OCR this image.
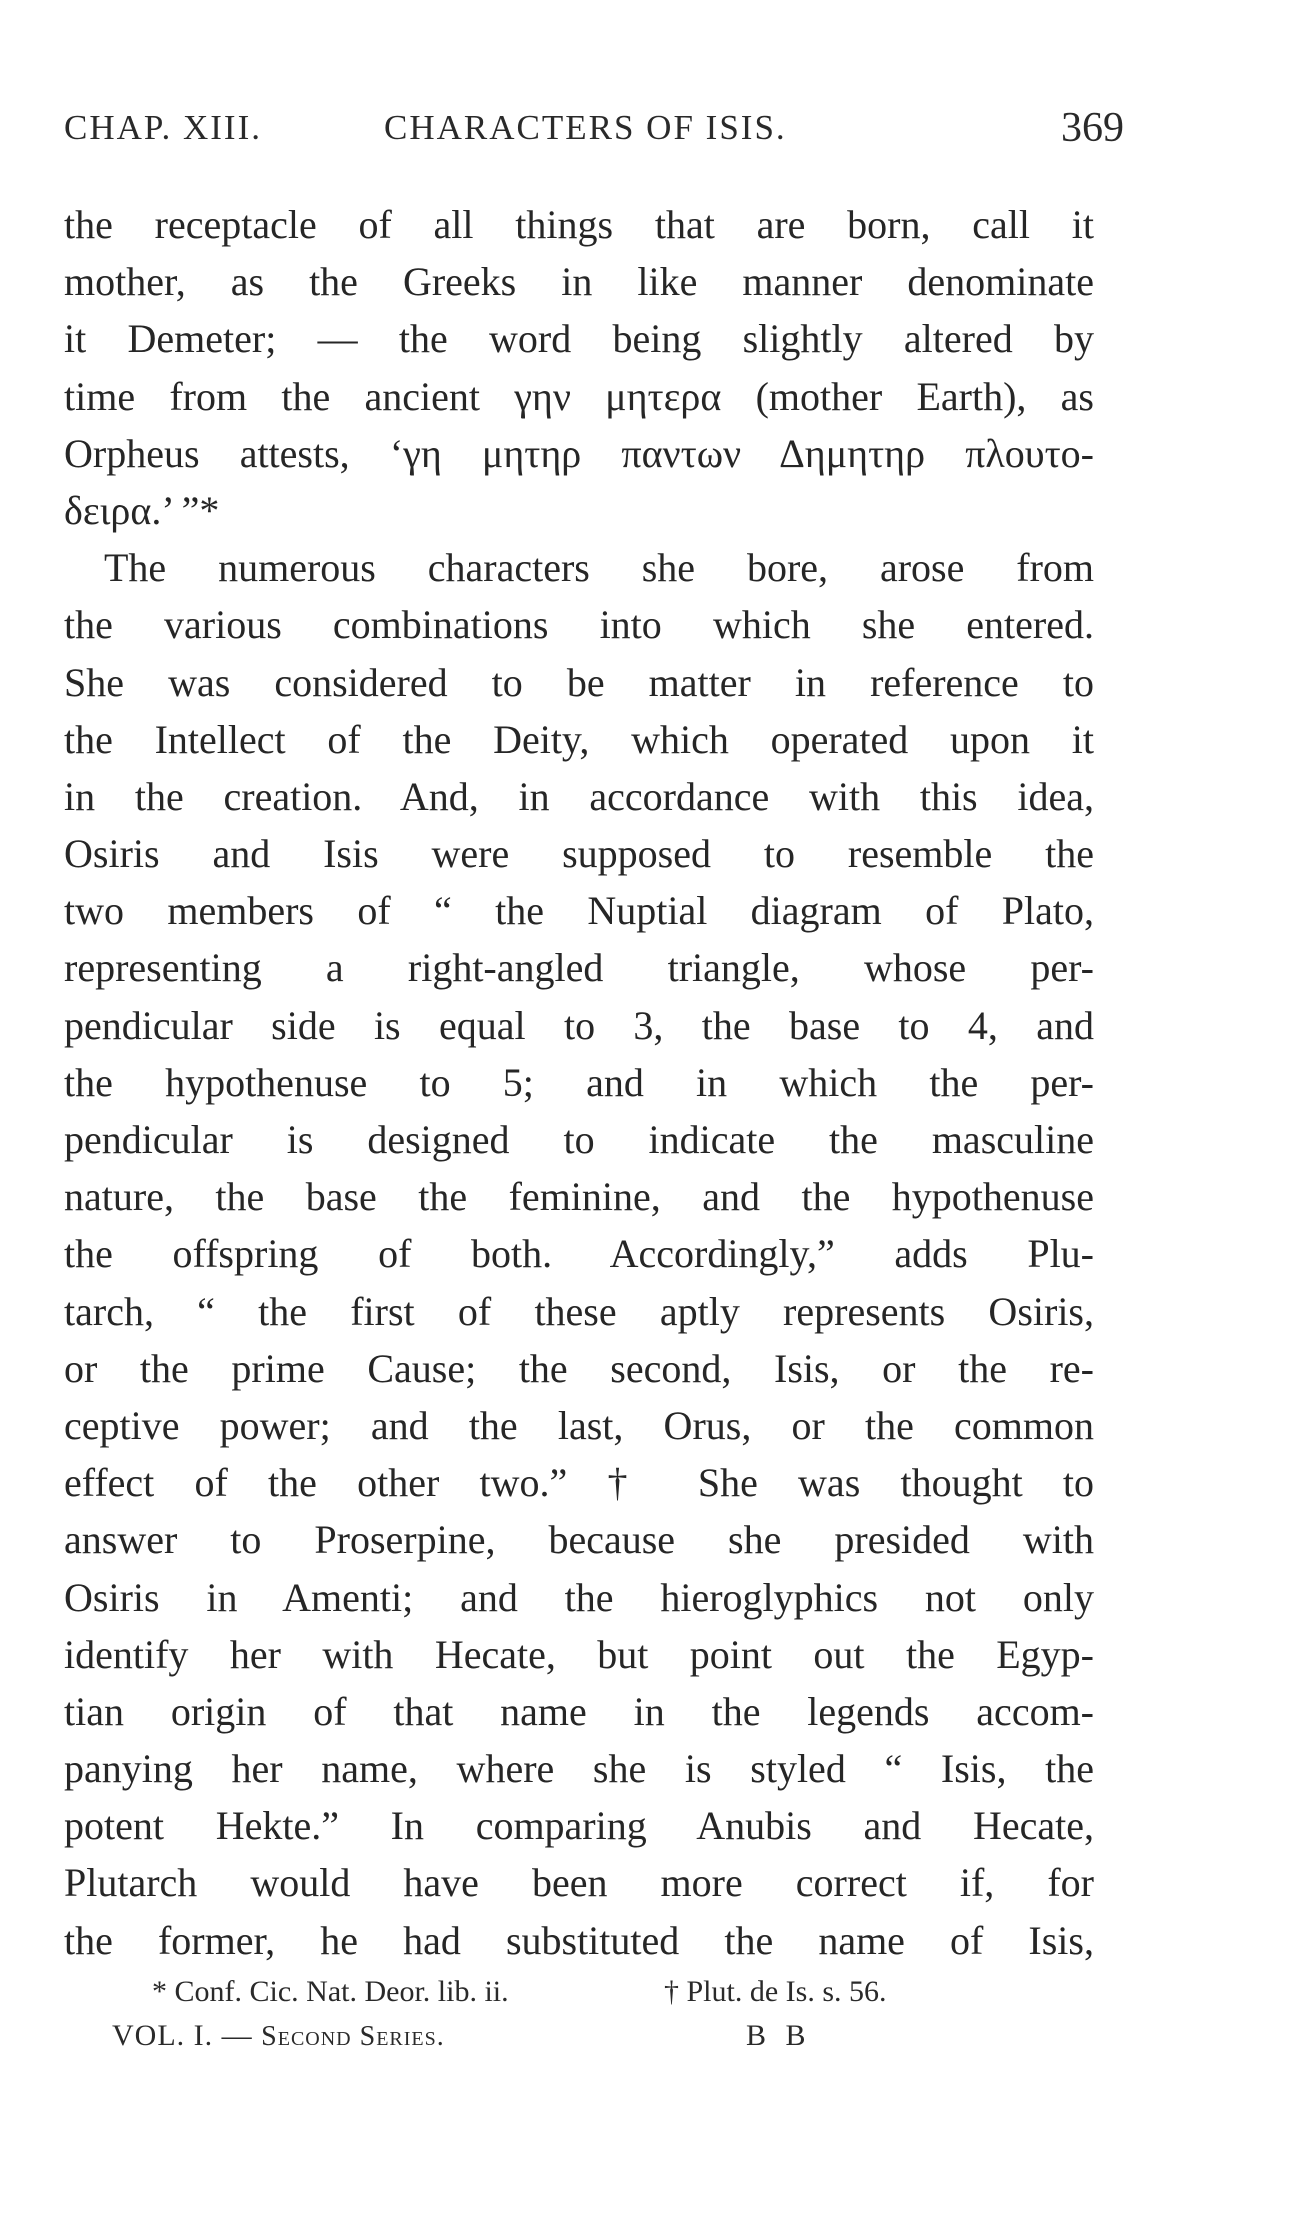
CHAP. XIII.	CHARACTERS OF ISIS.	369
the receptacle of all things that are born, call it
mother, as the Greeks in like manner denominate
it Demeter; — the word being slightly altered by
time from the ancient γην μητερα (mother Earth), as
Orpheus attests, ‘γη μητηρ παντων Δημητηρ πλουτο-
δειρα.’ ”*
The numerous characters she bore, arose from
the various combinations into which she entered.
She was considered to be matter in reference to
the Intellect of the Deity, which operated upon it
in the creation. And, in accordance with this idea,
Osiris and Isis were supposed to resemble the
two members of “ the Nuptial diagram of Plato,
representing a right-angled triangle, whose per-
pendicular side is equal to 3, the base to 4, and
the hypothenuse to 5; and in which the per-
pendicular is designed to indicate the masculine
nature, the base the feminine, and the hypothenuse
the offspring of both. Accordingly,” adds Plu-
tarch, “ the first of these aptly represents Osiris,
or the prime Cause; the second, Isis, or the re-
ceptive power; and the last, Orus, or the common
effect of the other two.” † She was thought to
answer to Proserpine, because she presided with
Osiris in Amenti; and the hieroglyphics not only
identify her with Hecate, but point out the Egyp-
tian origin of that name in the legends accom-
panying her name, where she is styled “ Isis, the
potent Hekte.” In comparing Anubis and Hecate,
Plutarch would have been more correct if, for
the former, he had substituted the name of Isis,
* Conf. Cic. Nat. Deor. lib. ii.	† Plut. de Is. s. 56.
VOL. I. — Second Series.	B B
